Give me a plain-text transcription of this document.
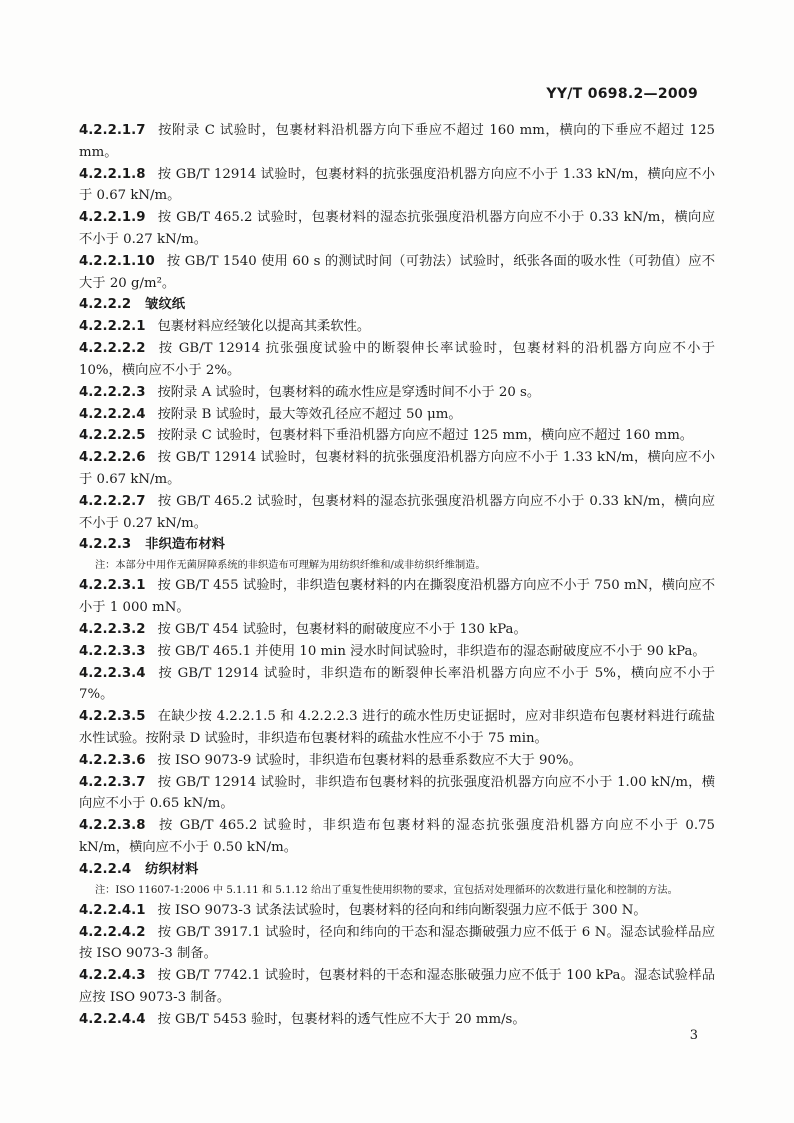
YY/T 0698.2—2009

4.2.2.1.7 按附录 C 试验时，包裹材料沿机器方向下垂应不超过 160 mm，横向的下垂应不超过 125 mm。

4.2.2.1.8 按 GB/T 12914 试验时，包裹材料的抗张强度沿机器方向应不小于 1.33 kN/m，横向应不小于 0.67 kN/m。

4.2.2.1.9 按 GB/T 465.2 试验时，包裹材料的湿态抗张强度沿机器方向应不小于 0.33 kN/m，横向应不小于 0.27 kN/m。

4.2.2.1.10 按 GB/T 1540 使用 60 s 的测试时间（可勃法）试验时，纸张各面的吸水性（可勃值）应不大于 20 g/m²。

4.2.2.2 皱纹纸

4.2.2.2.1 包裹材料应经皱化以提高其柔软性。

4.2.2.2.2 按 GB/T 12914 抗张强度试验中的断裂伸长率试验时，包裹材料的沿机器方向应不小于 10%，横向应不小于 2%。

4.2.2.2.3 按附录 A 试验时，包裹材料的疏水性应是穿透时间不小于 20 s。

4.2.2.2.4 按附录 B 试验时，最大等效孔径应不超过 50 μm。

4.2.2.2.5 按附录 C 试验时，包裹材料下垂沿机器方向应不超过 125 mm，横向应不超过 160 mm。

4.2.2.2.6 按 GB/T 12914 试验时，包裹材料的抗张强度沿机器方向应不小于 1.33 kN/m，横向应不小于 0.67 kN/m。

4.2.2.2.7 按 GB/T 465.2 试验时，包裹材料的湿态抗张强度沿机器方向应不小于 0.33 kN/m，横向应不小于 0.27 kN/m。

4.2.2.3 非织造布材料

注：本部分中用作无菌屏障系统的非织造布可理解为用纺织纤维和/或非纺织纤维制造。

4.2.2.3.1 按 GB/T 455 试验时，非织造包裹材料的内在撕裂度沿机器方向应不小于 750 mN，横向应不小于 1 000 mN。

4.2.2.3.2 按 GB/T 454 试验时，包裹材料的耐破度应不小于 130 kPa。

4.2.2.3.3 按 GB/T 465.1 并使用 10 min 浸水时间试验时，非织造布的湿态耐破度应不小于 90 kPa。

4.2.2.3.4 按 GB/T 12914 试验时，非织造布的断裂伸长率沿机器方向应不小于 5%，横向应不小于 7%。

4.2.2.3.5 在缺少按 4.2.2.1.5 和 4.2.2.2.3 进行的疏水性历史证据时，应对非织造布包裹材料进行疏盐水性试验。按附录 D 试验时，非织造布包裹材料的疏盐水性应不小于 75 min。

4.2.2.3.6 按 ISO 9073-9 试验时，非织造布包裹材料的悬垂系数应不大于 90%。

4.2.2.3.7 按 GB/T 12914 试验时，非织造布包裹材料的抗张强度沿机器方向应不小于 1.00 kN/m，横向应不小于 0.65 kN/m。

4.2.2.3.8 按 GB/T 465.2 试验时，非织造布包裹材料的湿态抗张强度沿机器方向应不小于 0.75 kN/m，横向应不小于 0.50 kN/m。

4.2.2.4 纺织材料

注：ISO 11607-1:2006 中 5.1.11 和 5.1.12 给出了重复性使用织物的要求，宜包括对处理循环的次数进行量化和控制的方法。

4.2.2.4.1 按 ISO 9073-3 试条法试验时，包裹材料的径向和纬向断裂强力应不低于 300 N。

4.2.2.4.2 按 GB/T 3917.1 试验时，径向和纬向的干态和湿态撕破强力应不低于 6 N。湿态试验样品应按 ISO 9073-3 制备。

4.2.2.4.3 按 GB/T 7742.1 试验时，包裹材料的干态和湿态胀破强力应不低于 100 kPa。湿态试验样品应按 ISO 9073-3 制备。

4.2.2.4.4 按 GB/T 5453 验时，包裹材料的透气性应不大于 20 mm/s。

3
